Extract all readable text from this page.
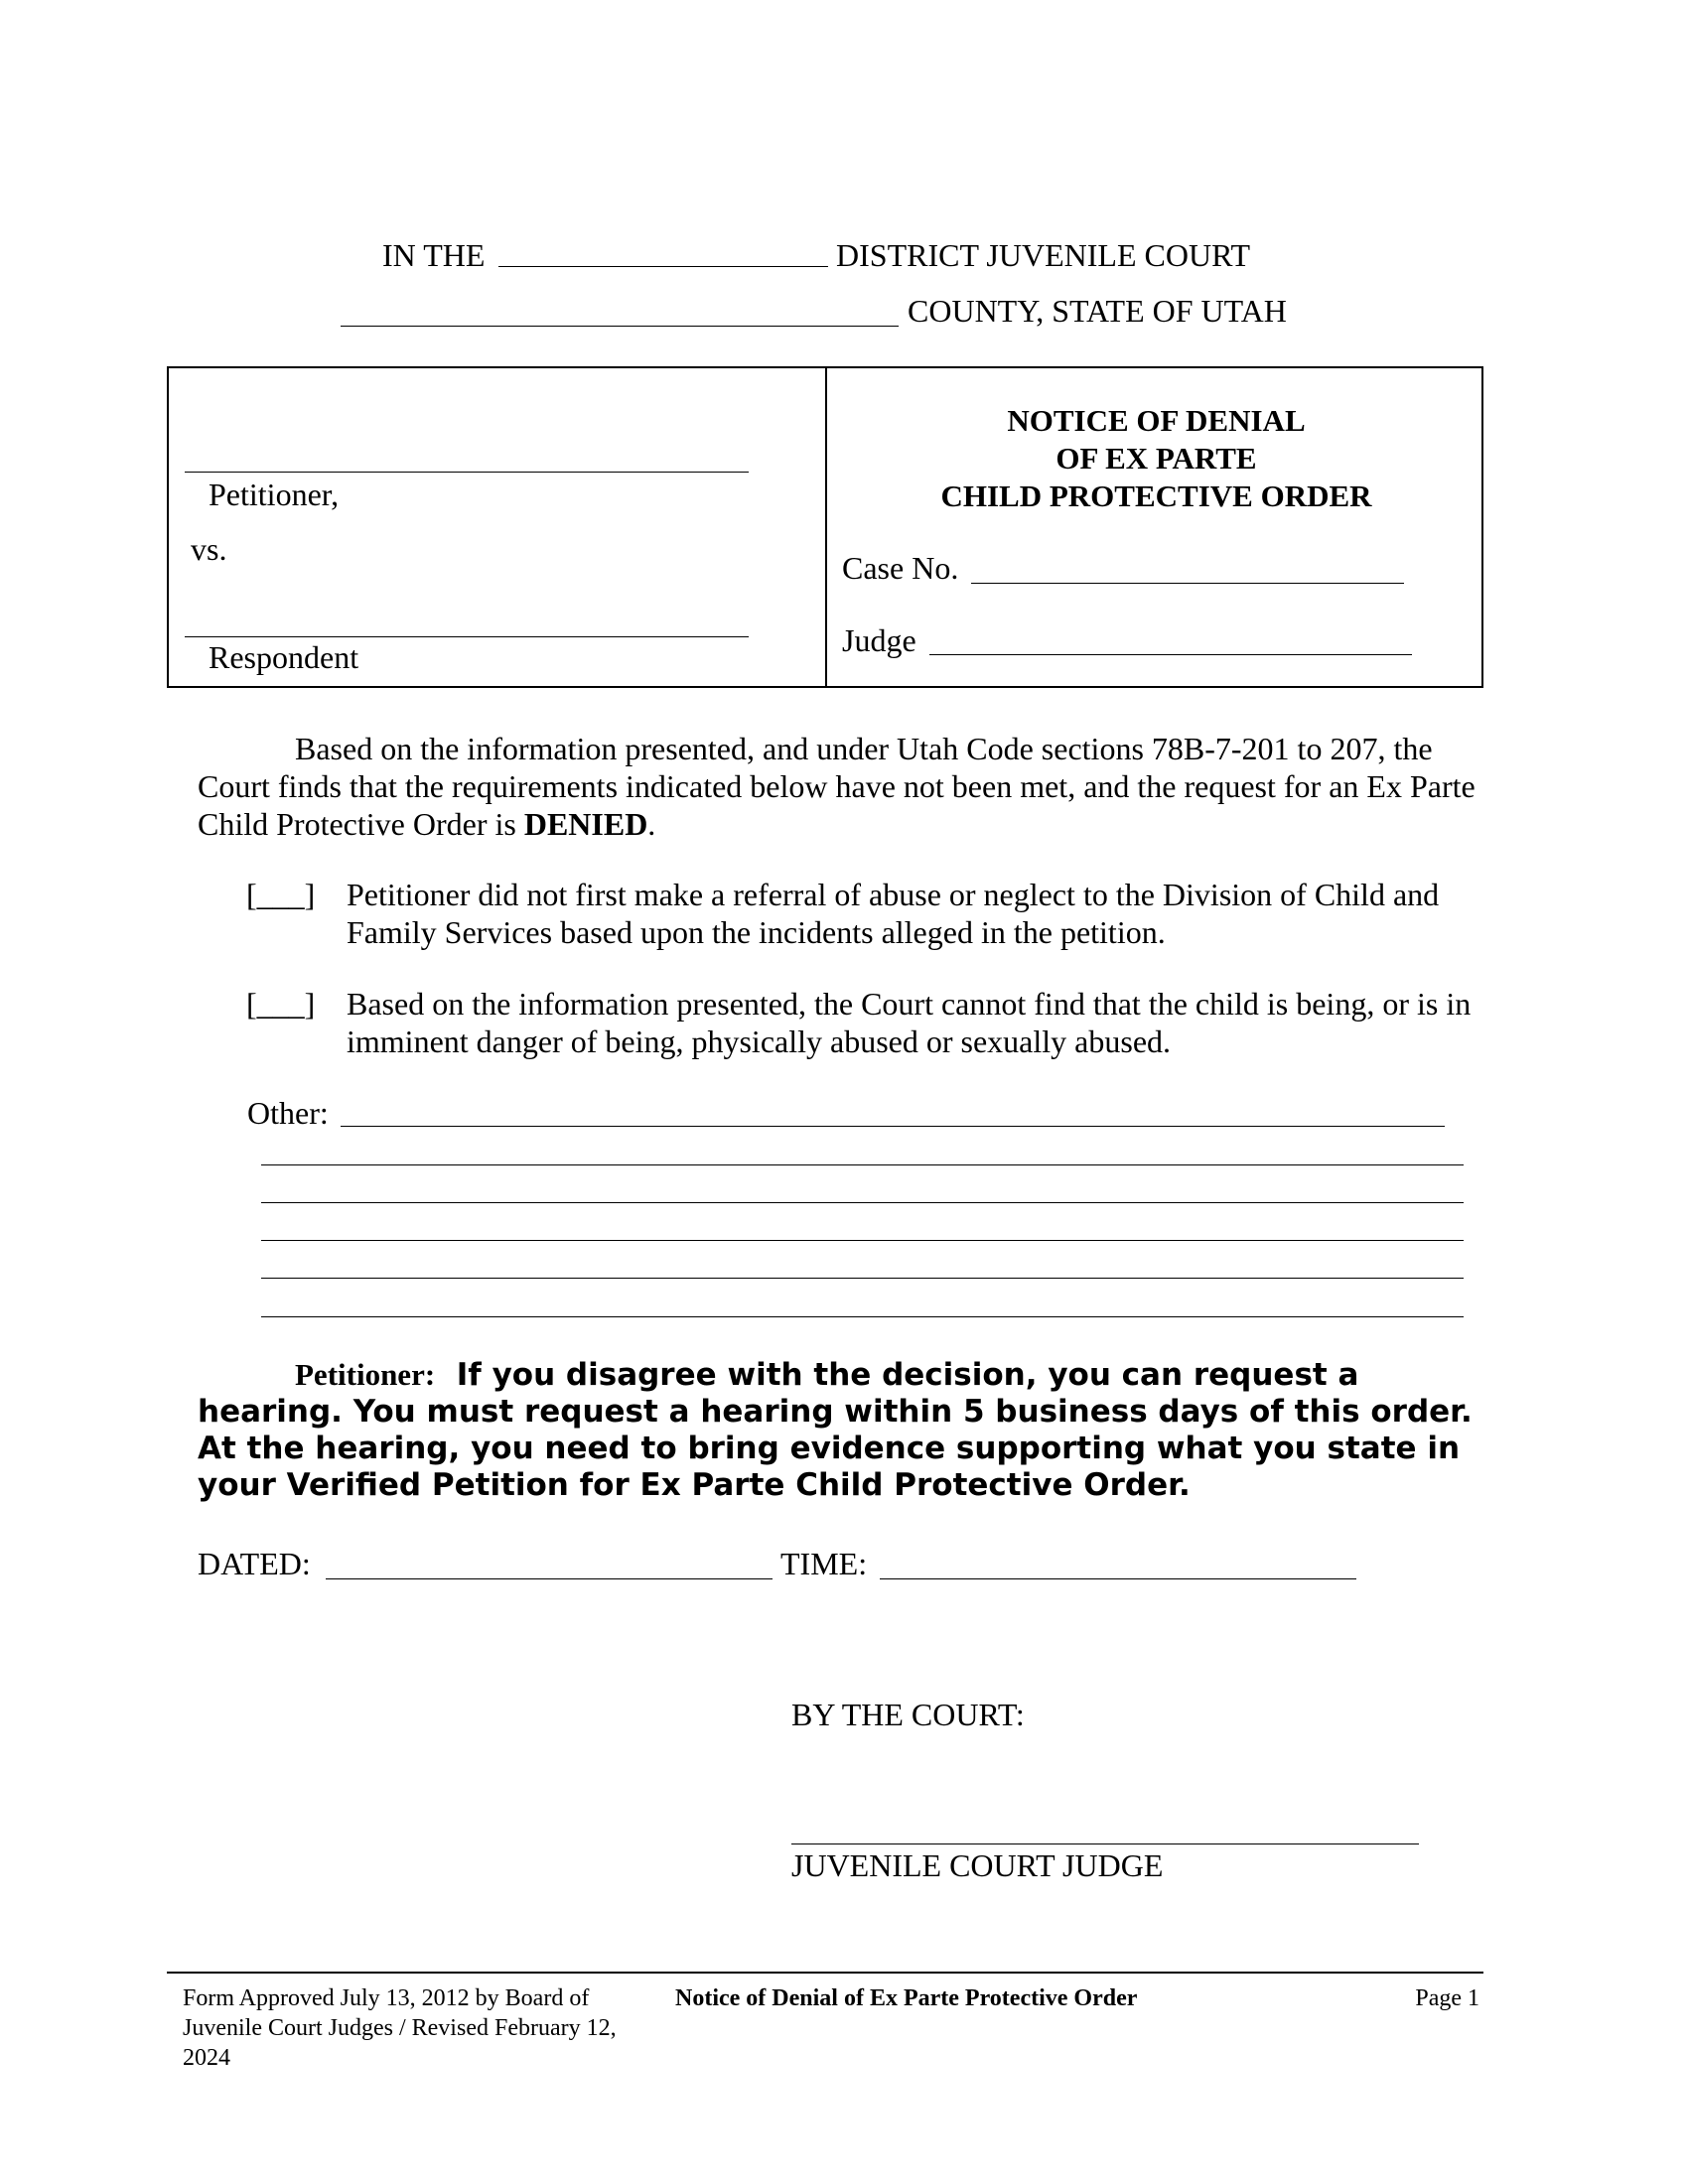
IN THE	DISTRICT JUVENILE COURT
COUNTY, STATE OF UTAH
Petitioner,
vs.
Respondent
NOTICE OF DENIAL
OF EX PARTE
CHILD PROTECTIVE ORDER
Case No.
Judge
Based on the information presented, and under Utah Code sections 78B-7-201 to 207, the Court finds that the requirements indicated below have not been met, and the request for an Ex Parte Child Protective Order is DENIED.
[___] Petitioner did not first make a referral of abuse or neglect to the Division of Child and Family Services based upon the incidents alleged in the petition.
[___] Based on the information presented, the Court cannot find that the child is being, or is in imminent danger of being, physically abused or sexually abused.
Other:
Petitioner: If you disagree with the decision, you can request a hearing. You must request a hearing within 5 business days of this order. At the hearing, you need to bring evidence supporting what you state in your Verified Petition for Ex Parte Child Protective Order.
DATED:	TIME:
BY THE COURT:
JUVENILE COURT JUDGE
Form Approved July 13, 2012 by Board of Juvenile Court Judges / Revised February 12, 2024
Notice of Denial of Ex Parte Protective Order	Page 1
